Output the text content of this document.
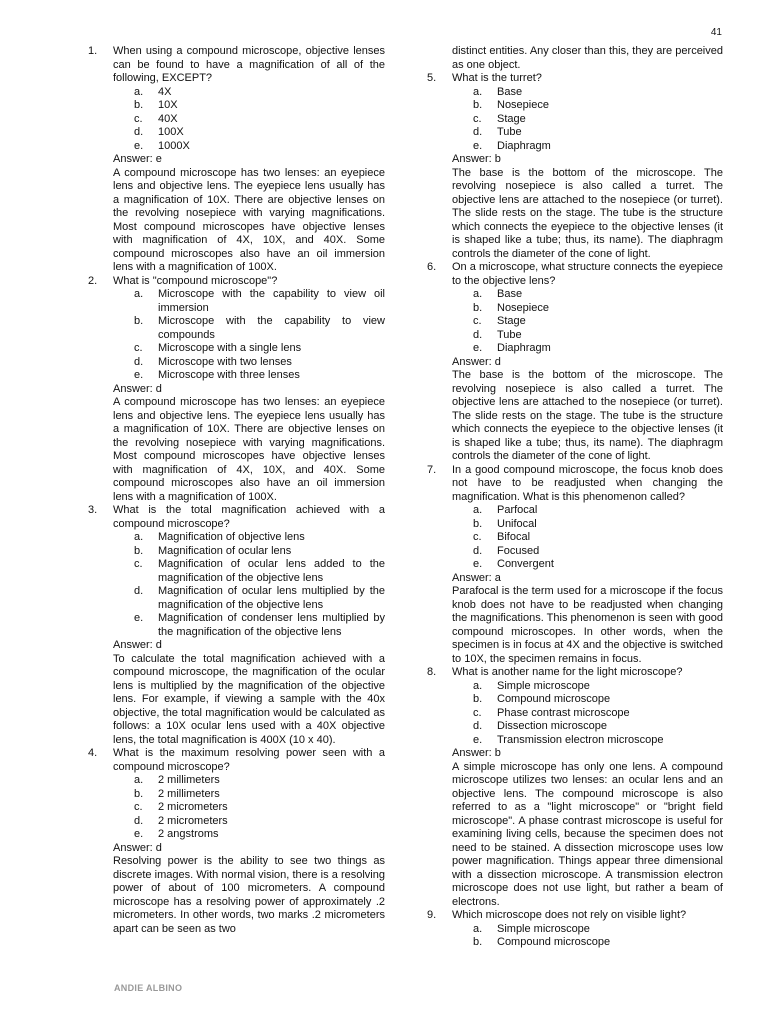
41
1. When using a compound microscope, objective lenses can be found to have a magnification of all of the following, EXCEPT?
a. 4X
b. 10X
c. 40X
d. 100X
e. 1000X
Answer: e
A compound microscope has two lenses: an eyepiece lens and objective lens. The eyepiece lens usually has a magnification of 10X. There are objective lenses on the revolving nosepiece with varying magnifications. Most compound microscopes have objective lenses with magnification of 4X, 10X, and 40X. Some compound microscopes also have an oil immersion lens with a magnification of 100X.
2. What is "compound microscope"?
a. Microscope with the capability to view oil immersion
b. Microscope with the capability to view compounds
c. Microscope with a single lens
d. Microscope with two lenses
e. Microscope with three lenses
Answer: d
A compound microscope has two lenses: an eyepiece lens and objective lens. The eyepiece lens usually has a magnification of 10X. There are objective lenses on the revolving nosepiece with varying magnifications. Most compound microscopes have objective lenses with magnification of 4X, 10X, and 40X. Some compound microscopes also have an oil immersion lens with a magnification of 100X.
3. What is the total magnification achieved with a compound microscope?
a. Magnification of objective lens
b. Magnification of ocular lens
c. Magnification of ocular lens added to the magnification of the objective lens
d. Magnification of ocular lens multiplied by the magnification of the objective lens
e. Magnification of condenser lens multiplied by the magnification of the objective lens
Answer: d
To calculate the total magnification achieved with a compound microscope, the magnification of the ocular lens is multiplied by the magnification of the objective lens. For example, if viewing a sample with the 40x objective, the total magnification would be calculated as follows: a 10X ocular lens used with a 40X objective lens, the total magnification is 400X (10 x 40).
4. What is the maximum resolving power seen with a compound microscope?
a. 2 millimeters
b. 2 millimeters
c. 2 micrometers
d. 2 micrometers
e. 2 angstroms
Answer: d
Resolving power is the ability to see two things as discrete images. With normal vision, there is a resolving power of about of 100 micrometers. A compound microscope has a resolving power of approximately .2 micrometers. In other words, two marks .2 micrometers apart can be seen as two
distinct entities. Any closer than this, they are perceived as one object.
5. What is the turret?
a. Base
b. Nosepiece
c. Stage
d. Tube
e. Diaphragm
Answer: b
The base is the bottom of the microscope. The revolving nosepiece is also called a turret. The objective lens are attached to the nosepiece (or turret). The slide rests on the stage. The tube is the structure which connects the eyepiece to the objective lenses (it is shaped like a tube; thus, its name). The diaphragm controls the diameter of the cone of light.
6. On a microscope, what structure connects the eyepiece to the objective lens?
a. Base
b. Nosepiece
c. Stage
d. Tube
e. Diaphragm
Answer: d
The base is the bottom of the microscope. The revolving nosepiece is also called a turret. The objective lens are attached to the nosepiece (or turret). The slide rests on the stage. The tube is the structure which connects the eyepiece to the objective lenses (it is shaped like a tube; thus, its name). The diaphragm controls the diameter of the cone of light.
7. In a good compound microscope, the focus knob does not have to be readjusted when changing the magnification. What is this phenomenon called?
a. Parfocal
b. Unifocal
c. Bifocal
d. Focused
e. Convergent
Answer: a
Parafocal is the term used for a microscope if the focus knob does not have to be readjusted when changing the magnifications. This phenomenon is seen with good compound microscopes. In other words, when the specimen is in focus at 4X and the objective is switched to 10X, the specimen remains in focus.
8. What is another name for the light microscope?
a. Simple microscope
b. Compound microscope
c. Phase contrast microscope
d. Dissection microscope
e. Transmission electron microscope
Answer: b
A simple microscope has only one lens. A compound microscope utilizes two lenses: an ocular lens and an objective lens. The compound microscope is also referred to as a "light microscope" or "bright field microscope". A phase contrast microscope is useful for examining living cells, because the specimen does not need to be stained. A dissection microscope uses low power magnification. Things appear three dimensional with a dissection microscope. A transmission electron microscope does not use light, but rather a beam of electrons.
9. Which microscope does not rely on visible light?
a. Simple microscope
b. Compound microscope
ANDIE ALBINO
